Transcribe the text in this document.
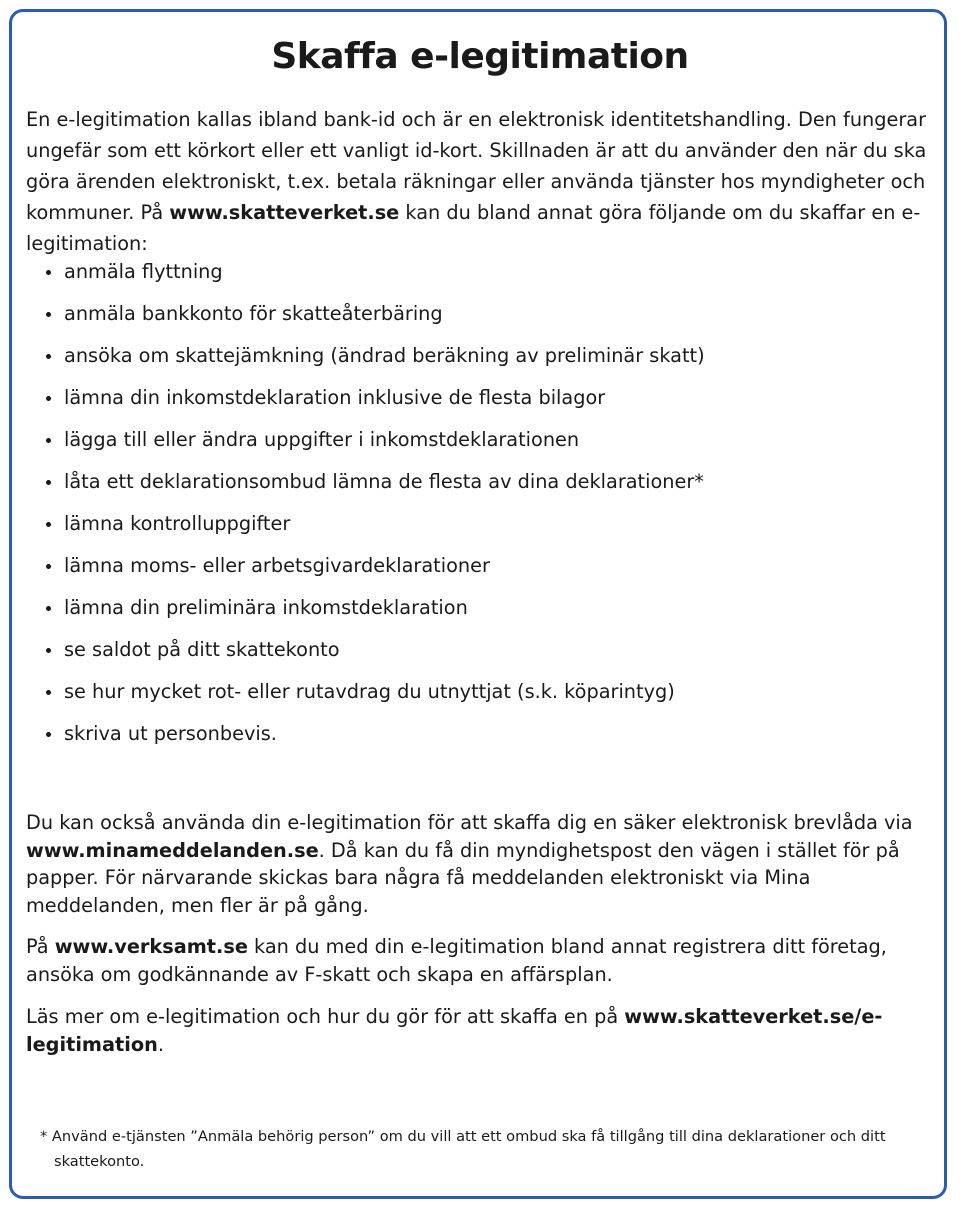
Skaffa e-legitimation

En e-legitimation kallas ibland bank-id och är en elektronisk identitetshandling. Den fungerar ungefär som ett körkort eller ett vanligt id-kort. Skillnaden är att du använder den när du ska göra ärenden elektroniskt, t.ex. betala räkningar eller använda tjänster hos myndigheter och kommuner. På www.skatteverket.se kan du bland annat göra följande om du skaffar en e-legitimation:

anmäla flyttning
anmäla bankkonto för skatteåterbäring
ansöka om skattejämkning (ändrad beräkning av preliminär skatt)
lämna din inkomstdeklaration inklusive de flesta bilagor
lägga till eller ändra uppgifter i inkomstdeklarationen
låta ett deklarationsombud lämna de flesta av dina deklarationer*
lämna kontrolluppgifter
lämna moms- eller arbetsgivardeklarationer
lämna din preliminära inkomstdeklaration
se saldot på ditt skattekonto
se hur mycket rot- eller rutavdrag du utnyttjat (s.k. köparintyg)
skriva ut personbevis.

Du kan också använda din e-legitimation för att skaffa dig en säker elektronisk brevlåda via www.minameddelanden.se. Då kan du få din myndighetspost den vägen i stället för på papper. För närvarande skickas bara några få meddelanden elektroniskt via Mina meddelanden, men fler är på gång.

På www.verksamt.se kan du med din e-legitimation bland annat registrera ditt företag, ansöka om godkännande av F-skatt och skapa en affärsplan.

Läs mer om e-legitimation och hur du gör för att skaffa en på www.skatteverket.se/e-legitimation.

* Använd e-tjänsten ”Anmäla behörig person” om du vill att ett ombud ska få tillgång till dina deklarationer och ditt skattekonto.
